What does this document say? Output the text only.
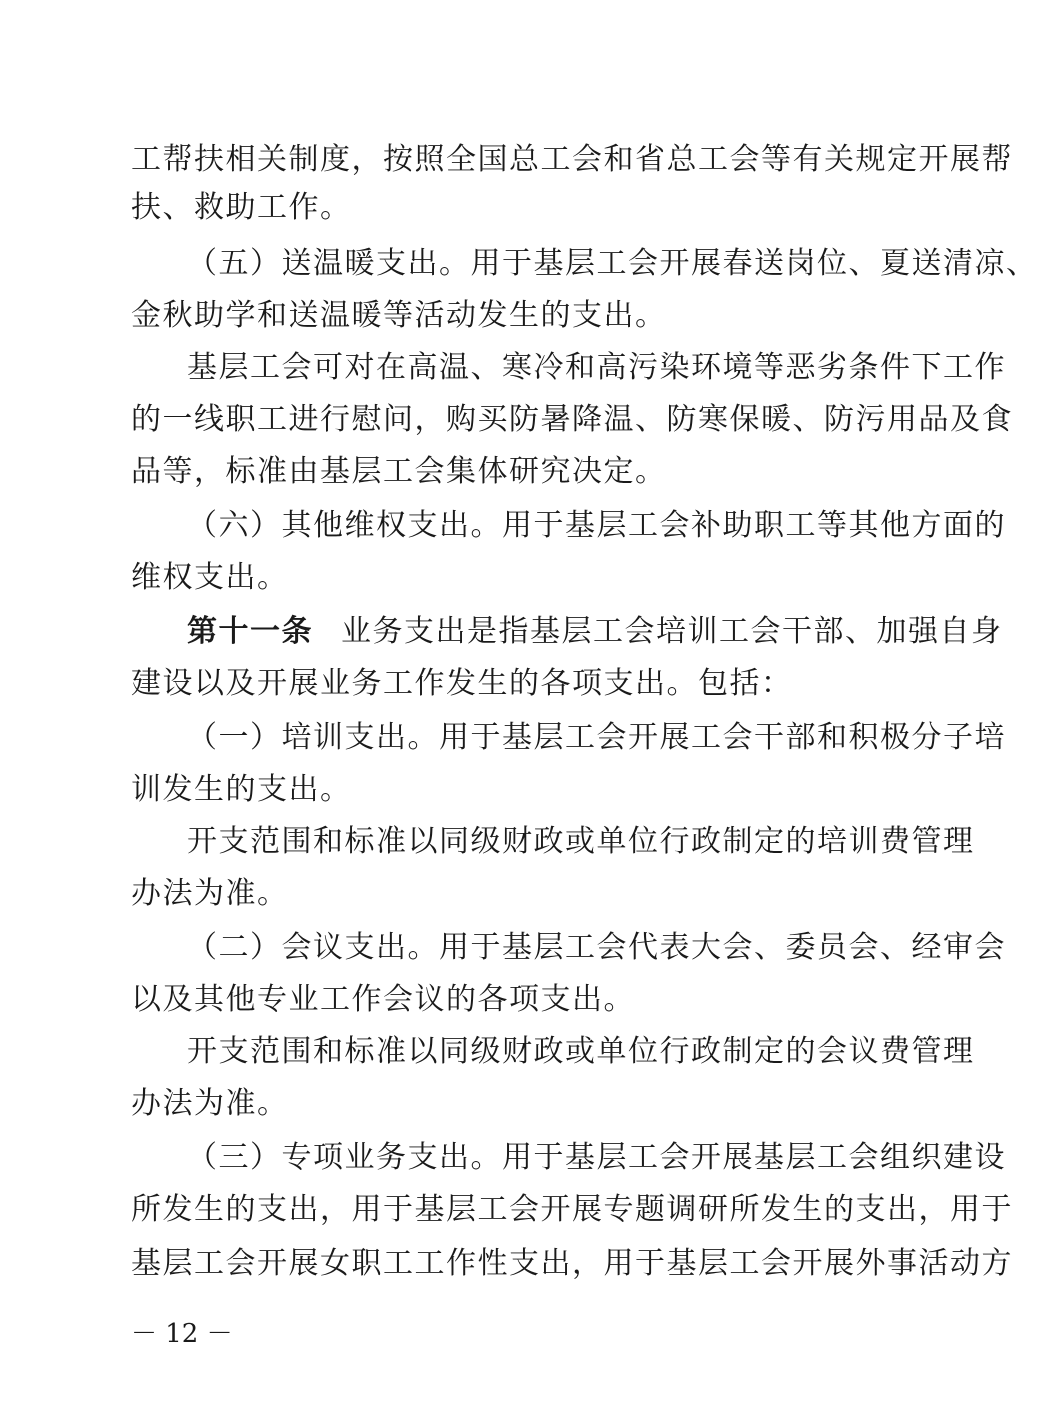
工帮扶相关制度，按照全国总工会和省总工会等有关规定开展帮
扶、救助工作。
（五）送温暖支出。用于基层工会开展春送岗位、夏送清凉、
金秋助学和送温暖等活动发生的支出。
基层工会可对在高温、寒冷和高污染环境等恶劣条件下工作
的一线职工进行慰问，购买防暑降温、防寒保暖、防污用品及食
品等，标准由基层工会集体研究决定。
（六）其他维权支出。用于基层工会补助职工等其他方面的
维权支出。
第十一条 业务支出是指基层工会培训工会干部、加强自身
建设以及开展业务工作发生的各项支出。包括：
（一）培训支出。用于基层工会开展工会干部和积极分子培
训发生的支出。
开支范围和标准以同级财政或单位行政制定的培训费管理
办法为准。
（二）会议支出。用于基层工会代表大会、委员会、经审会
以及其他专业工作会议的各项支出。
开支范围和标准以同级财政或单位行政制定的会议费管理
办法为准。
（三）专项业务支出。用于基层工会开展基层工会组织建设
所发生的支出，用于基层工会开展专题调研所发生的支出，用于
基层工会开展女职工工作性支出，用于基层工会开展外事活动方
－ 12 －
